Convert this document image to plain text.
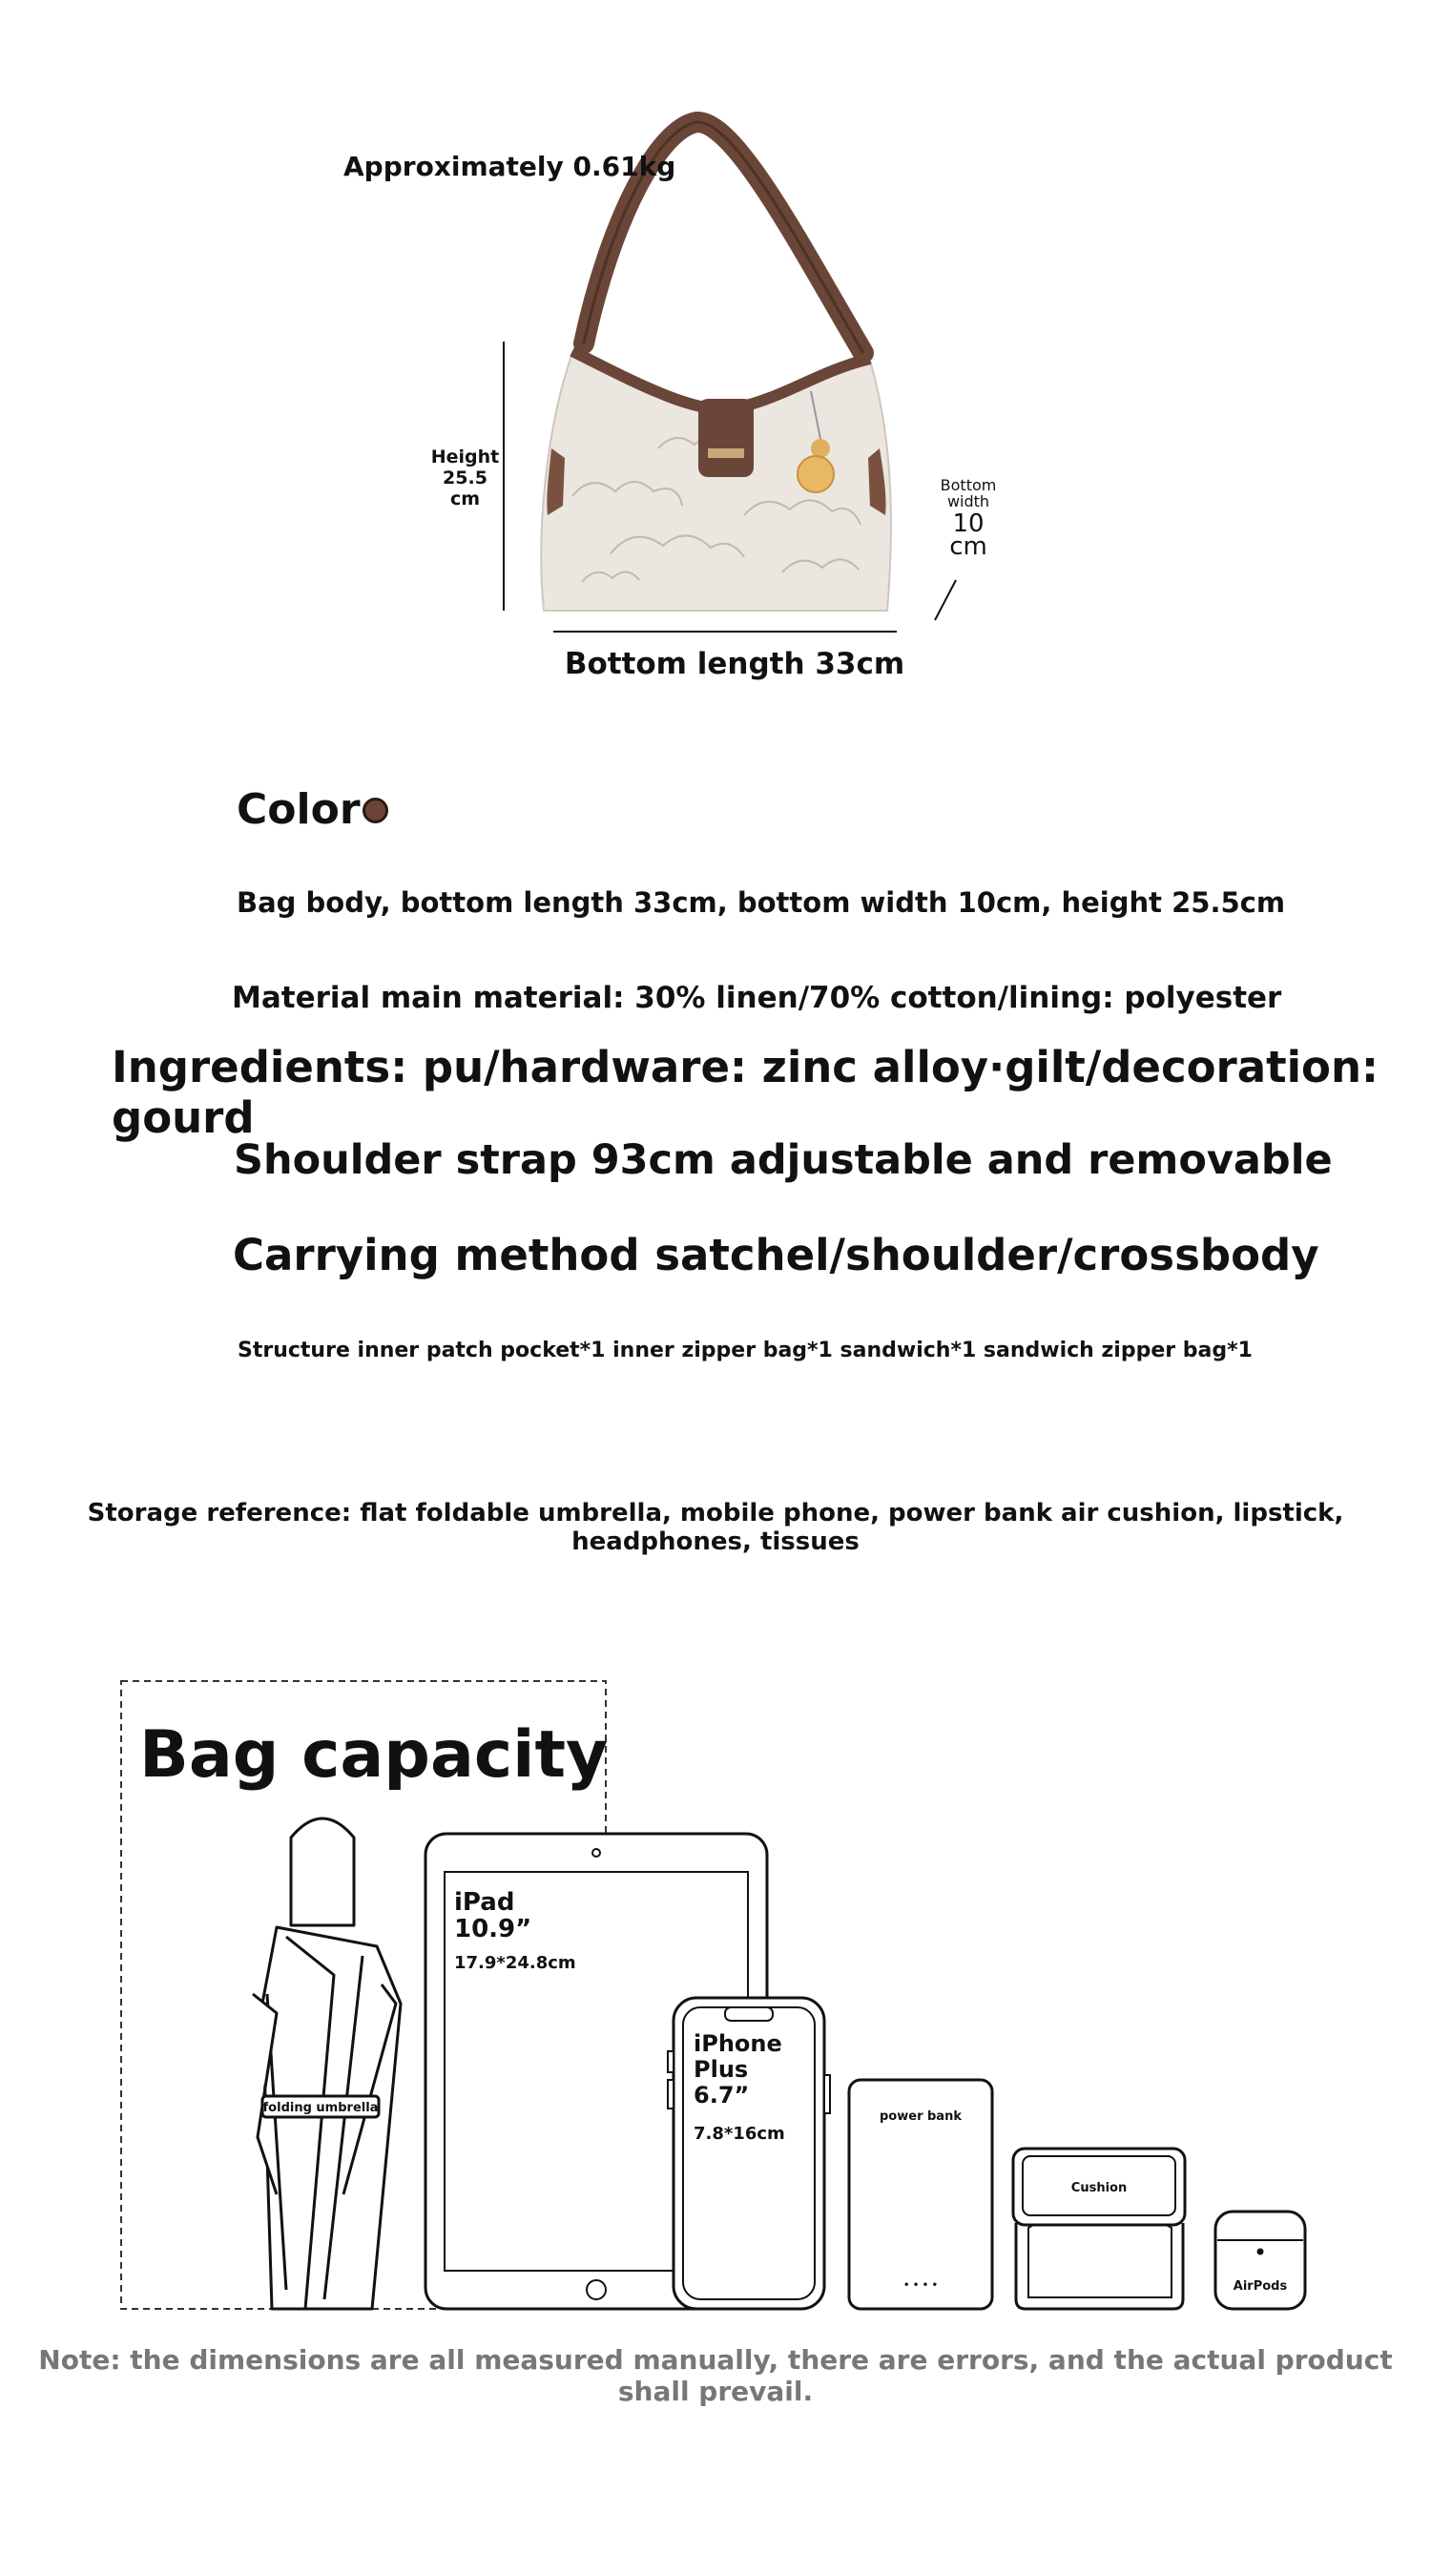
Approximately 0.61kg
Height
25.5
cm
Bottom
width
10
cm
Bottom length 33cm
Color
Bag body, bottom length 33cm, bottom width 10cm, height 25.5cm
Material main material: 30% linen/70% cotton/lining: polyester
Ingredients: pu/hardware: zinc alloy·gilt/decoration: gourd
Shoulder strap 93cm adjustable and removable
Carrying method satchel/shoulder/crossbody
Structure inner patch pocket*1 inner zipper bag*1 sandwich*1 sandwich zipper bag*1
Storage reference: flat foldable umbrella, mobile phone, power bank air cushion, lipstick, headphones, tissues
folding umbrella
iPad
10.9”
17.9*24.8cm
iPhone
Plus
6.7”
7.8*16cm
power bank
• • • •
Cushion
AirPods
Bag capacity
Note: the dimensions are all measured manually, there are errors, and the actual product shall prevail.
